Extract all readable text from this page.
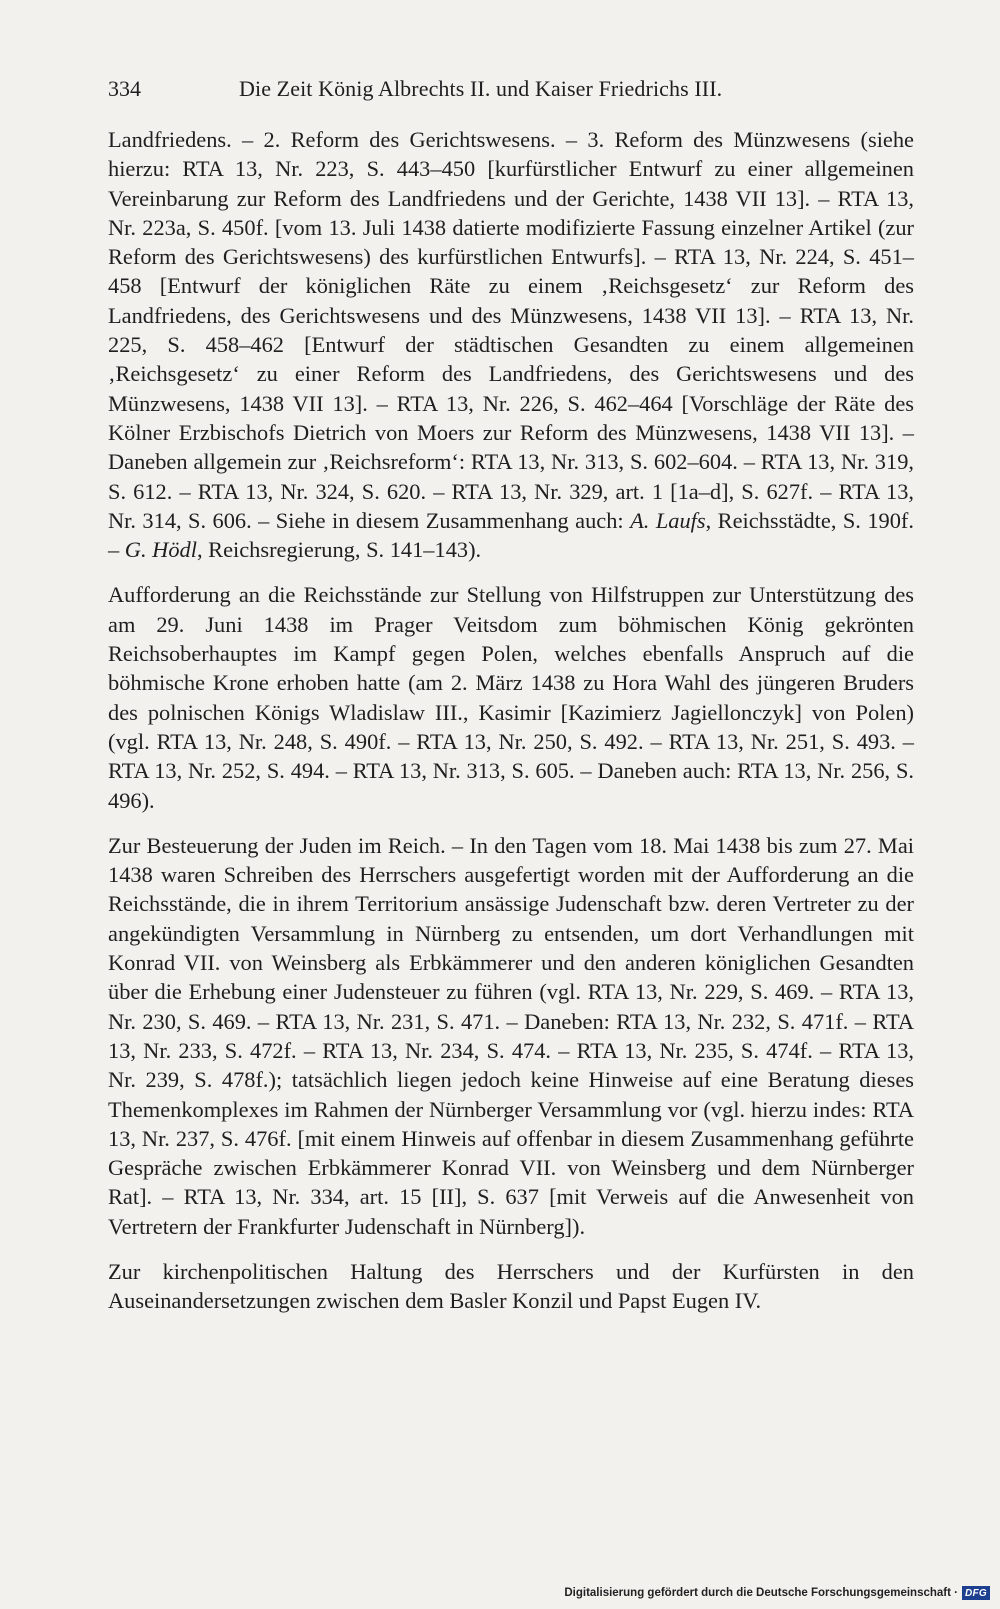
334	Die Zeit König Albrechts II. und Kaiser Friedrichs III.

Landfriedens. – 2. Reform des Gerichtswesens. – 3. Reform des Münzwesens (siehe hierzu: RTA 13, Nr. 223, S. 443–450 [kurfürstlicher Entwurf zu einer allgemeinen Vereinbarung zur Reform des Landfriedens und der Gerichte, 1438 VII 13]. – RTA 13, Nr. 223a, S. 450f. [vom 13. Juli 1438 datierte modifizierte Fassung einzelner Artikel (zur Reform des Gerichtswesens) des kurfürstlichen Entwurfs]. – RTA 13, Nr. 224, S. 451–458 [Entwurf der königlichen Räte zu einem ‚Reichsgesetz‘ zur Reform des Landfriedens, des Gerichtswesens und des Münzwesens, 1438 VII 13]. – RTA 13, Nr. 225, S. 458–462 [Entwurf der städtischen Gesandten zu einem allgemeinen ‚Reichsgesetz‘ zu einer Reform des Landfriedens, des Gerichtswesens und des Münzwesens, 1438 VII 13]. – RTA 13, Nr. 226, S. 462–464 [Vorschläge der Räte des Kölner Erzbischofs Dietrich von Moers zur Reform des Münzwesens, 1438 VII 13]. – Daneben allgemein zur ‚Reichsreform‘: RTA 13, Nr. 313, S. 602–604. – RTA 13, Nr. 319, S. 612. – RTA 13, Nr. 324, S. 620. – RTA 13, Nr. 329, art. 1 [1a–d], S. 627f. – RTA 13, Nr. 314, S. 606. – Siehe in diesem Zusammenhang auch: A. Laufs, Reichsstädte, S. 190f. – G. Hödl, Reichsregierung, S. 141–143).

Aufforderung an die Reichsstände zur Stellung von Hilfstruppen zur Unterstützung des am 29. Juni 1438 im Prager Veitsdom zum böhmischen König gekrönten Reichsoberhauptes im Kampf gegen Polen, welches ebenfalls Anspruch auf die böhmische Krone erhoben hatte (am 2. März 1438 zu Hora Wahl des jüngeren Bruders des polnischen Königs Wladislaw III., Kasimir [Kazimierz Jagiellonczyk] von Polen) (vgl. RTA 13, Nr. 248, S. 490f. – RTA 13, Nr. 250, S. 492. – RTA 13, Nr. 251, S. 493. – RTA 13, Nr. 252, S. 494. – RTA 13, Nr. 313, S. 605. – Daneben auch: RTA 13, Nr. 256, S. 496).

Zur Besteuerung der Juden im Reich. – In den Tagen vom 18. Mai 1438 bis zum 27. Mai 1438 waren Schreiben des Herrschers ausgefertigt worden mit der Aufforderung an die Reichsstände, die in ihrem Territorium ansässige Judenschaft bzw. deren Vertreter zu der angekündigten Versammlung in Nürnberg zu entsenden, um dort Verhandlungen mit Konrad VII. von Weinsberg als Erbkämmerer und den anderen königlichen Gesandten über die Erhebung einer Judensteuer zu führen (vgl. RTA 13, Nr. 229, S. 469. – RTA 13, Nr. 230, S. 469. – RTA 13, Nr. 231, S. 471. – Daneben: RTA 13, Nr. 232, S. 471f. – RTA 13, Nr. 233, S. 472f. – RTA 13, Nr. 234, S. 474. – RTA 13, Nr. 235, S. 474f. – RTA 13, Nr. 239, S. 478f.); tatsächlich liegen jedoch keine Hinweise auf eine Beratung dieses Themenkomplexes im Rahmen der Nürnberger Versammlung vor (vgl. hierzu indes: RTA 13, Nr. 237, S. 476f. [mit einem Hinweis auf offenbar in diesem Zusammenhang geführte Gespräche zwischen Erbkämmerer Konrad VII. von Weinsberg und dem Nürnberger Rat]. – RTA 13, Nr. 334, art. 15 [II], S. 637 [mit Verweis auf die Anwesenheit von Vertretern der Frankfurter Judenschaft in Nürnberg]).

Zur kirchenpolitischen Haltung des Herrschers und der Kurfürsten in den Auseinandersetzungen zwischen dem Basler Konzil und Papst Eugen IV.

Digitalisierung gefördert durch die Deutsche Forschungsgemeinschaft · DFG
